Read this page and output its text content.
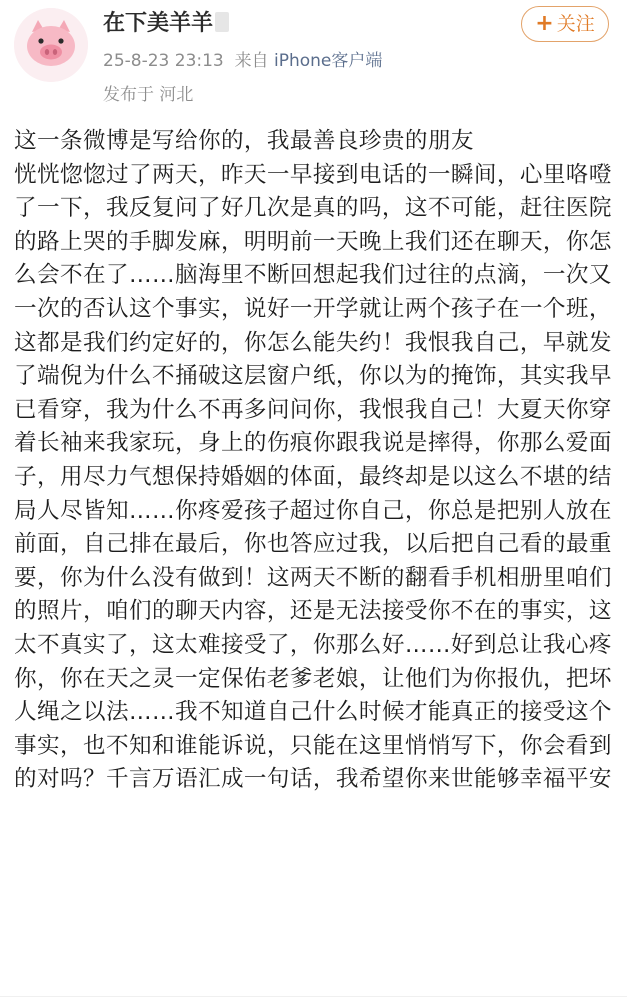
在下美羊羊
25-8-23 23:13 来自 iPhone客户端
发布于 河北
+ 关注

这一条微博是写给你的，我最善良珍贵的朋友
恍恍惚惚过了两天，昨天一早接到电话的一瞬间，心里咯噔了一下，我反复问了好几次是真的吗，这不可能，赶往医院的路上哭的手脚发麻，明明前一天晚上我们还在聊天，你怎么会不在了……脑海里不断回想起我们过往的点滴，一次又一次的否认这个事实，说好一开学就让两个孩子在一个班，这都是我们约定好的，你怎么能失约！我恨我自己，早就发了端倪为什么不捅破这层窗户纸，你以为的掩饰，其实我早已看穿，我为什么不再多问问你，我恨我自己！大夏天你穿着长袖来我家玩，身上的伤痕你跟我说是摔得，你那么爱面子，用尽力气想保持婚姻的体面，最终却是以这么不堪的结局人尽皆知……你疼爱孩子超过你自己，你总是把别人放在前面，自己排在最后，你也答应过我，以后把自己看的最重要，你为什么没有做到！这两天不断的翻看手机相册里咱们的照片，咱们的聊天内容，还是无法接受你不在的事实，这太不真实了，这太难接受了，你那么好……好到总让我心疼你，你在天之灵一定保佑老爹老娘，让他们为你报仇，把坏人绳之以法……我不知道自己什么时候才能真正的接受这个事实，也不知和谁能诉说，只能在这里悄悄写下，你会看到的对吗？千言万语汇成一句话，我希望你来世能够幸福平安
